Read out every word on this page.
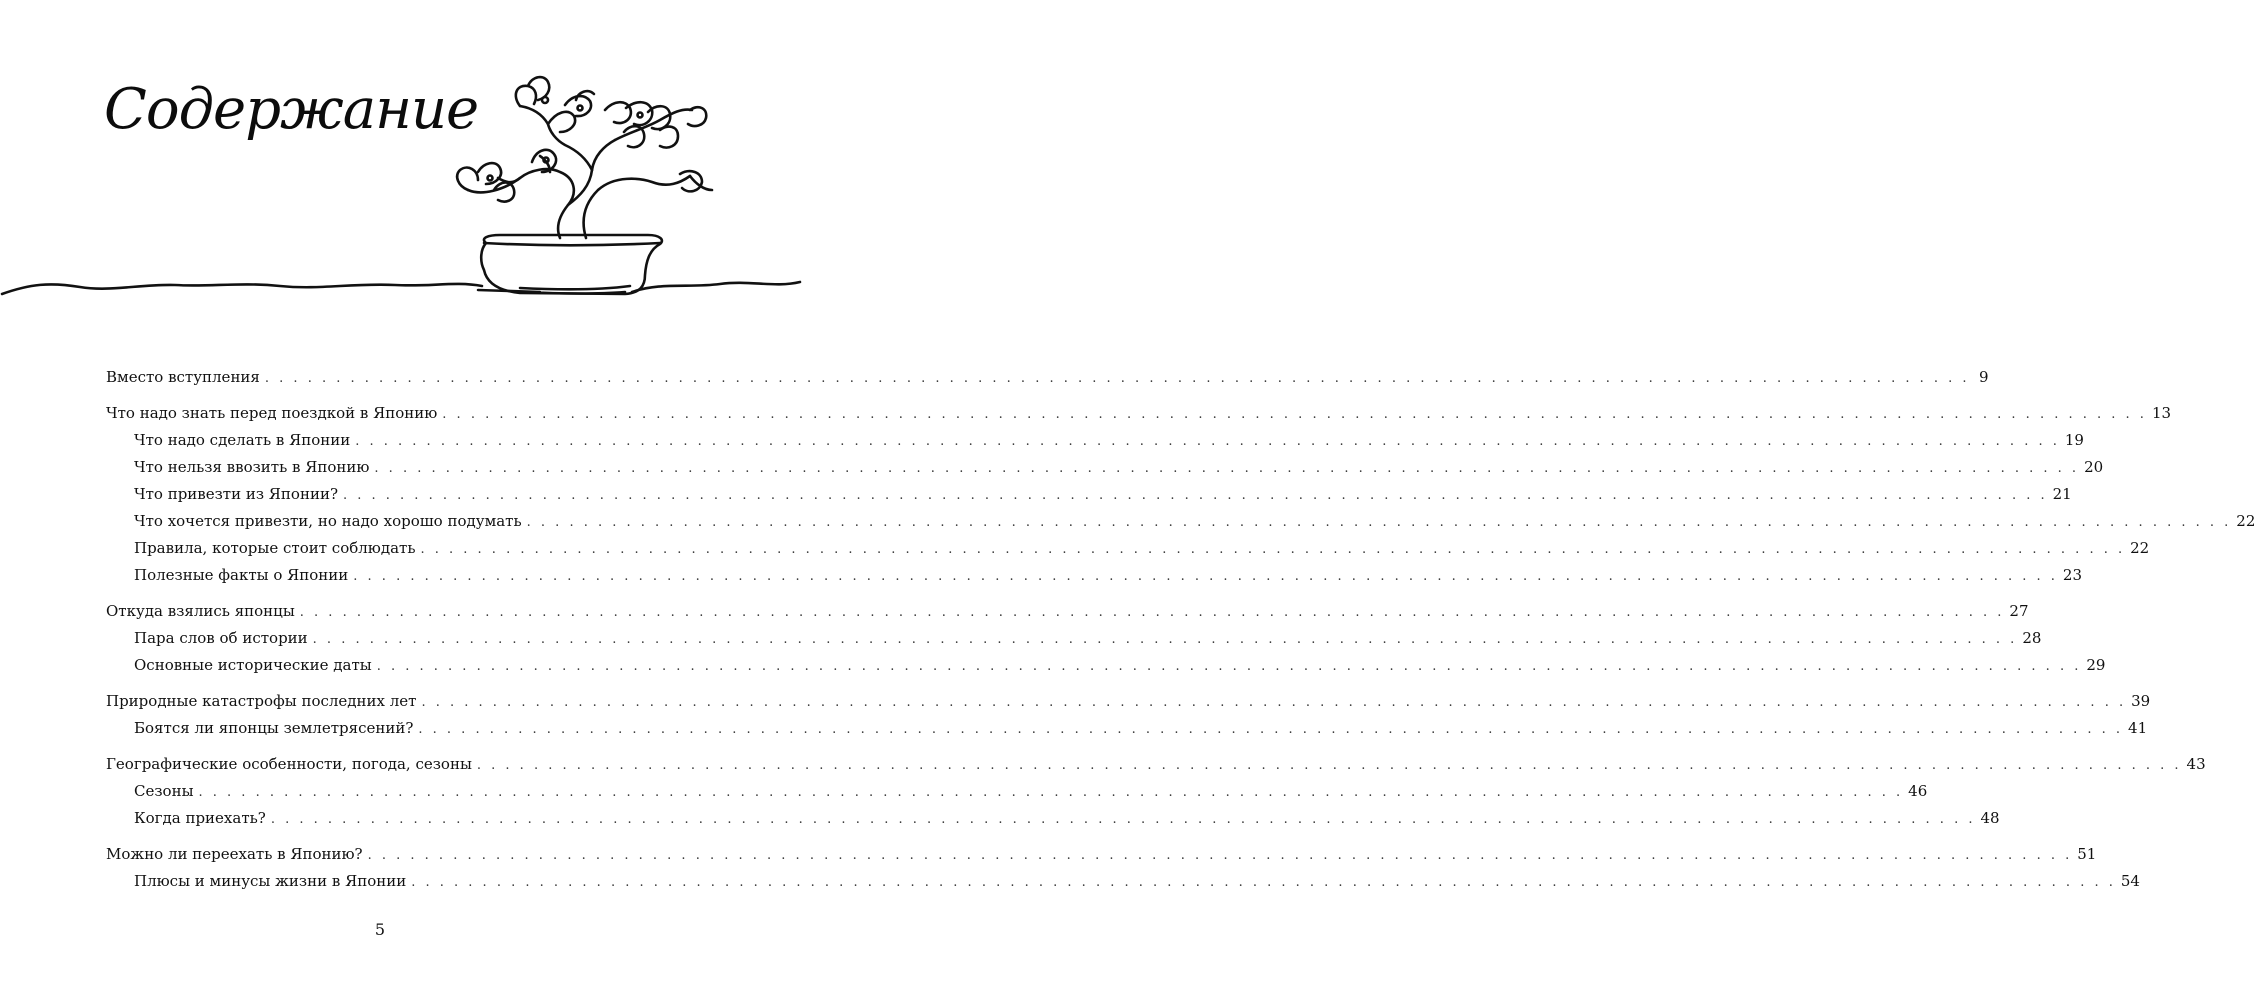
Содержание
Вместо вступления . . . . . . . . . . . . . . . . . . . . . . . . . . . . . . . . . . . . . . . . . . . . . . . . . . . . . . . . . . . . . . . . . . . . . . . . . . . . . . . . . . . . . . . . . . . . . . . . . . . . . . . . . . . . . . . . . . . . . . . . 9
Что надо знать перед поездкой в Японию . . . . . . . . . . . . . . . . . . . . . . . . . . . . . . . . . . . . . . . . . . . . . . . . . . . . . . . . . . . . . . . . . . . . . . . . . . . . . . . . . . . . . . . . . . . . . . . . . . . . . . . . . . . . . . . . . . . . . . . . 13
Что надо сделать в Японии . . . . . . . . . . . . . . . . . . . . . . . . . . . . . . . . . . . . . . . . . . . . . . . . . . . . . . . . . . . . . . . . . . . . . . . . . . . . . . . . . . . . . . . . . . . . . . . . . . . . . . . . . . . . . . . . . . . . . . . . 19
Что нельзя ввозить в Японию . . . . . . . . . . . . . . . . . . . . . . . . . . . . . . . . . . . . . . . . . . . . . . . . . . . . . . . . . . . . . . . . . . . . . . . . . . . . . . . . . . . . . . . . . . . . . . . . . . . . . . . . . . . . . . . . . . . . . . . . 20
Что привезти из Японии? . . . . . . . . . . . . . . . . . . . . . . . . . . . . . . . . . . . . . . . . . . . . . . . . . . . . . . . . . . . . . . . . . . . . . . . . . . . . . . . . . . . . . . . . . . . . . . . . . . . . . . . . . . . . . . . . . . . . . . . . 21
Что хочется привезти, но надо хорошо подумать . . . . . . . . . . . . . . . . . . . . . . . . . . . . . . . . . . . . . . . . . . . . . . . . . . . . . . . . . . . . . . . . . . . . . . . . . . . . . . . . . . . . . . . . . . . . . . . . . . . . . . . . . . . . . . . . . . . . . . . . 22
Правила, которые стоит соблюдать . . . . . . . . . . . . . . . . . . . . . . . . . . . . . . . . . . . . . . . . . . . . . . . . . . . . . . . . . . . . . . . . . . . . . . . . . . . . . . . . . . . . . . . . . . . . . . . . . . . . . . . . . . . . . . . . . . . . . . . . 22
Полезные факты о Японии . . . . . . . . . . . . . . . . . . . . . . . . . . . . . . . . . . . . . . . . . . . . . . . . . . . . . . . . . . . . . . . . . . . . . . . . . . . . . . . . . . . . . . . . . . . . . . . . . . . . . . . . . . . . . . . . . . . . . . . . 23
Откуда взялись японцы . . . . . . . . . . . . . . . . . . . . . . . . . . . . . . . . . . . . . . . . . . . . . . . . . . . . . . . . . . . . . . . . . . . . . . . . . . . . . . . . . . . . . . . . . . . . . . . . . . . . . . . . . . . . . . . . . . . . . . . . 27
Пара слов об истории . . . . . . . . . . . . . . . . . . . . . . . . . . . . . . . . . . . . . . . . . . . . . . . . . . . . . . . . . . . . . . . . . . . . . . . . . . . . . . . . . . . . . . . . . . . . . . . . . . . . . . . . . . . . . . . . . . . . . . . . 28
Основные исторические даты . . . . . . . . . . . . . . . . . . . . . . . . . . . . . . . . . . . . . . . . . . . . . . . . . . . . . . . . . . . . . . . . . . . . . . . . . . . . . . . . . . . . . . . . . . . . . . . . . . . . . . . . . . . . . . . . . . . . . . . . 29
Природные катастрофы последних лет . . . . . . . . . . . . . . . . . . . . . . . . . . . . . . . . . . . . . . . . . . . . . . . . . . . . . . . . . . . . . . . . . . . . . . . . . . . . . . . . . . . . . . . . . . . . . . . . . . . . . . . . . . . . . . . . . . . . . . . . 39
Боятся ли японцы землетрясений? . . . . . . . . . . . . . . . . . . . . . . . . . . . . . . . . . . . . . . . . . . . . . . . . . . . . . . . . . . . . . . . . . . . . . . . . . . . . . . . . . . . . . . . . . . . . . . . . . . . . . . . . . . . . . . . . . . . . . . . . 41
Географические особенности, погода, сезоны . . . . . . . . . . . . . . . . . . . . . . . . . . . . . . . . . . . . . . . . . . . . . . . . . . . . . . . . . . . . . . . . . . . . . . . . . . . . . . . . . . . . . . . . . . . . . . . . . . . . . . . . . . . . . . . . . . . . . . . . 43
Сезоны . . . . . . . . . . . . . . . . . . . . . . . . . . . . . . . . . . . . . . . . . . . . . . . . . . . . . . . . . . . . . . . . . . . . . . . . . . . . . . . . . . . . . . . . . . . . . . . . . . . . . . . . . . . . . . . . . . . . . . . . 46
Когда приехать? . . . . . . . . . . . . . . . . . . . . . . . . . . . . . . . . . . . . . . . . . . . . . . . . . . . . . . . . . . . . . . . . . . . . . . . . . . . . . . . . . . . . . . . . . . . . . . . . . . . . . . . . . . . . . . . . . . . . . . . . 48
Можно ли переехать в Японию? . . . . . . . . . . . . . . . . . . . . . . . . . . . . . . . . . . . . . . . . . . . . . . . . . . . . . . . . . . . . . . . . . . . . . . . . . . . . . . . . . . . . . . . . . . . . . . . . . . . . . . . . . . . . . . . . . . . . . . . . 51
Плюсы и минусы жизни в Японии . . . . . . . . . . . . . . . . . . . . . . . . . . . . . . . . . . . . . . . . . . . . . . . . . . . . . . . . . . . . . . . . . . . . . . . . . . . . . . . . . . . . . . . . . . . . . . . . . . . . . . . . . . . . . . . . . . . . . . . . 54
5
